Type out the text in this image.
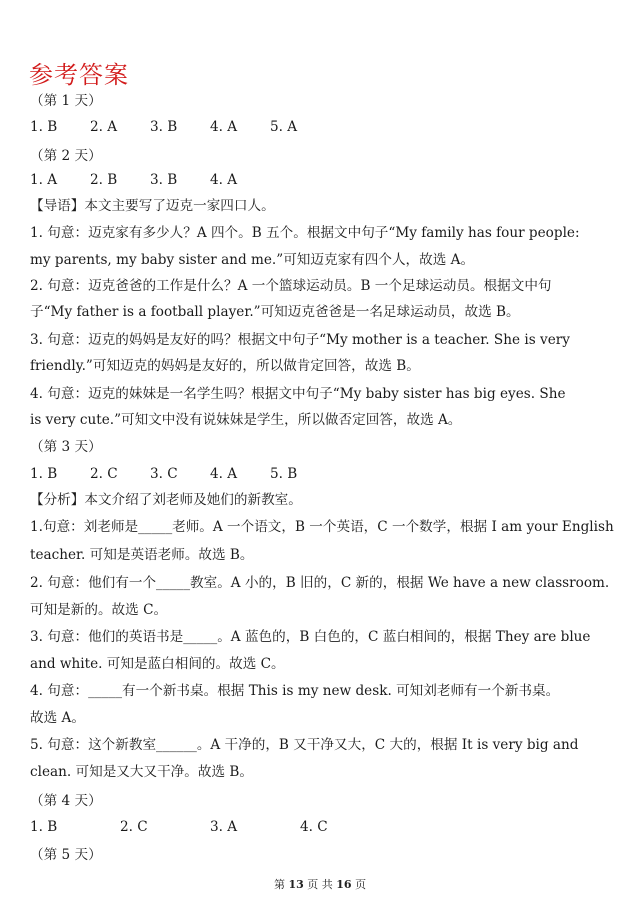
参考答案
（第 1 天）
1. B 2. A 3. B 4. A 5. A
（第 2 天）
1. A 2. B 3. B 4. A
【导语】本文主要写了迈克一家四口人。
1. 句意：迈克家有多少人？A 四个。B 五个。根据文中句子“My family has four people:
my parents, my baby sister and me.”可知迈克家有四个人，故选 A。
2. 句意：迈克爸爸的工作是什么？A 一个篮球运动员。B 一个足球运动员。根据文中句
子“My father is a football player.”可知迈克爸爸是一名足球运动员，故选 B。
3. 句意：迈克的妈妈是友好的吗？根据文中句子“My mother is a teacher. She is very
friendly.”可知迈克的妈妈是友好的，所以做肯定回答，故选 B。
4. 句意：迈克的妹妹是一名学生吗？根据文中句子“My baby sister has big eyes. She
is very cute.”可知文中没有说妹妹是学生，所以做否定回答，故选 A。
（第 3 天）
1. B 2. C 3. C 4. A 5. B
【分析】本文介绍了刘老师及她们的新教室。
1.句意：刘老师是_____老师。A 一个语文，B 一个英语，C 一个数学，根据 I am your English
teacher. 可知是英语老师。故选 B。
2. 句意：他们有一个_____教室。A 小的，B 旧的，C 新的，根据 We have a new classroom.
可知是新的。故选 C。
3. 句意：他们的英语书是_____。A 蓝色的，B 白色的，C 蓝白相间的，根据 They are blue
and white. 可知是蓝白相间的。故选 C。
4. 句意：_____有一个新书桌。根据 This is my new desk. 可知刘老师有一个新书桌。
故选 A。
5. 句意：这个新教室______。A 干净的，B 又干净又大，C 大的，根据 It is very big and
clean. 可知是又大又干净。故选 B。
（第 4 天）
1. B	2. C	3. A	4. C
（第 5 天）
第 13 页 共 16 页
